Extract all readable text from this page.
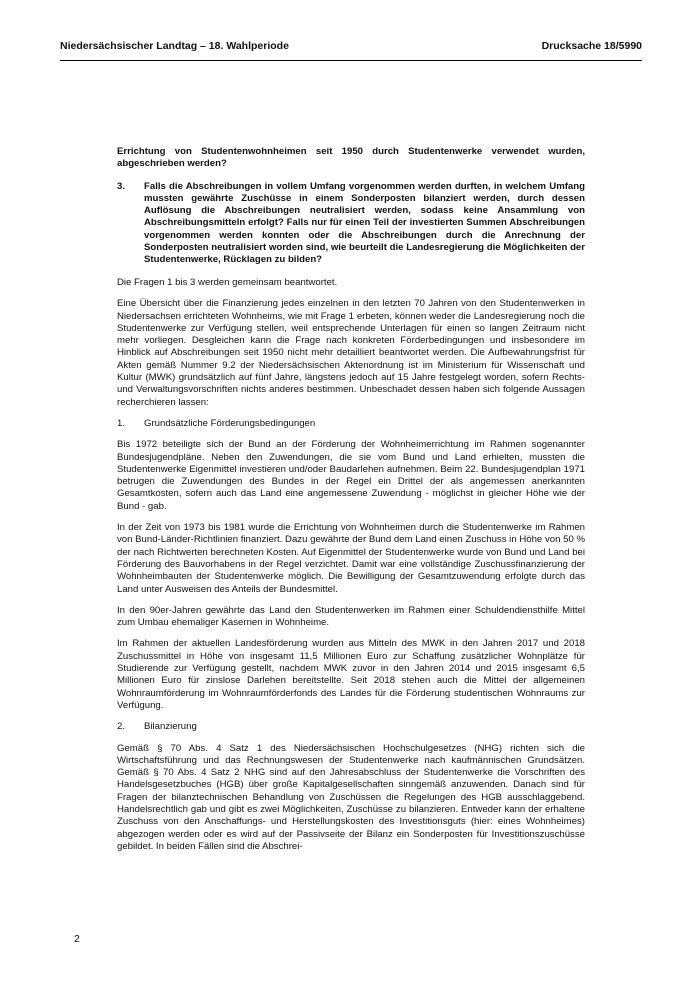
Niedersächsischer Landtag – 18. Wahlperiode	Drucksache 18/5990

Errichtung von Studentenwohnheimen seit 1950 durch Studentenwerke verwendet wurden, abgeschrieben werden?

3.	Falls die Abschreibungen in vollem Umfang vorgenommen werden durften, in welchem Umfang mussten gewährte Zuschüsse in einem Sonderposten bilanziert werden, durch dessen Auflösung die Abschreibungen neutralisiert werden, sodass keine Ansammlung von Abschreibungsmitteln erfolgt? Falls nur für einen Teil der investierten Summen Abschreibungen vorgenommen werden konnten oder die Abschreibungen durch die Anrechnung der Sonderposten neutralisiert worden sind, wie beurteilt die Landesregierung die Möglichkeiten der Studentenwerke, Rücklagen zu bilden?

Die Fragen 1 bis 3 werden gemeinsam beantwortet.

Eine Übersicht über die Finanzierung jedes einzelnen in den letzten 70 Jahren von den Studentenwerken in Niedersachsen errichteten Wohnheims, wie mit Frage 1 erbeten, können weder die Landesregierung noch die Studentenwerke zur Verfügung stellen, weil entsprechende Unterlagen für einen so langen Zeitraum nicht mehr vorliegen. Desgleichen kann die Frage nach konkreten Förderbedingungen und insbesondere im Hinblick auf Abschreibungen seit 1950 nicht mehr detailliert beantwortet werden. Die Aufbewahrungsfrist für Akten gemäß Nummer 9.2 der Niedersächsischen Aktenordnung ist im Ministerium für Wissenschaft und Kultur (MWK) grundsätzlich auf fünf Jahre, längstens jedoch auf 15 Jahre festgelegt worden, sofern Rechts- und Verwaltungsvorschriften nichts anderes bestimmen. Unbeschadet dessen haben sich folgende Aussagen recherchieren lassen:

1.	Grundsätzliche Förderungsbedingungen

Bis 1972 beteiligte sich der Bund an der Förderung der Wohnheimerrichtung im Rahmen sogenannter Bundesjugendpläne. Neben den Zuwendungen, die sie vom Bund und Land erhielten, mussten die Studentenwerke Eigenmittel investieren und/oder Baudarlehen aufnehmen. Beim 22. Bundesjugendplan 1971 betrugen die Zuwendungen des Bundes in der Regel ein Drittel der als angemessen anerkannten Gesamtkosten, sofern auch das Land eine angemessene Zuwendung - möglichst in gleicher Höhe wie der Bund - gab.

In der Zeit von 1973 bis 1981 wurde die Errichtung von Wohnheimen durch die Studentenwerke im Rahmen von Bund-Länder-Richtlinien finanziert. Dazu gewährte der Bund dem Land einen Zuschuss in Höhe von 50 % der nach Richtwerten berechneten Kosten. Auf Eigenmittel der Studentenwerke wurde von Bund und Land bei Förderung des Bauvorhabens in der Regel verzichtet. Damit war eine vollständige Zuschussfinanzierung der Wohnheimbauten der Studentenwerke möglich. Die Bewilligung der Gesamtzuwendung erfolgte durch das Land unter Ausweisen des Anteils der Bundesmittel.

In den 90er-Jahren gewährte das Land den Studentenwerken im Rahmen einer Schuldendiensthilfe Mittel zum Umbau ehemaliger Kasernen in Wohnheime.

Im Rahmen der aktuellen Landesförderung wurden aus Mitteln des MWK in den Jahren 2017 und 2018 Zuschussmittel in Höhe von insgesamt 11,5 Millionen Euro zur Schaffung zusätzlicher Wohnplätze für Studierende zur Verfügung gestellt, nachdem MWK zuvor in den Jahren 2014 und 2015 insgesamt 6,5 Millionen Euro für zinslose Darlehen bereitstellte. Seit 2018 stehen auch die Mittel der allgemeinen Wohnraumförderung im Wohnraumförderfonds des Landes für die Förderung studentischen Wohnraums zur Verfügung.

2.	Bilanzierung

Gemäß § 70 Abs. 4 Satz 1 des Niedersächsischen Hochschulgesetzes (NHG) richten sich die Wirtschaftsführung und das Rechnungswesen der Studentenwerke nach kaufmännischen Grundsätzen. Gemäß § 70 Abs. 4 Satz 2 NHG sind auf den Jahresabschluss der Studentenwerke die Vorschriften des Handelsgesetzbuches (HGB) über große Kapitalgesellschaften sinngemäß anzuwenden. Danach sind für Fragen der bilanztechnischen Behandlung von Zuschüssen die Regelungen des HGB ausschlaggebend. Handelsrechtlich gab und gibt es zwei Möglichkeiten, Zuschüsse zu bilanzieren. Entweder kann der erhaltene Zuschuss von den Anschaffungs- und Herstellungskosten des Investitionsguts (hier: eines Wohnheimes) abgezogen werden oder es wird auf der Passivseite der Bilanz ein Sonderposten für Investitionszuschüsse gebildet. In beiden Fällen sind die Abschrei-

2
